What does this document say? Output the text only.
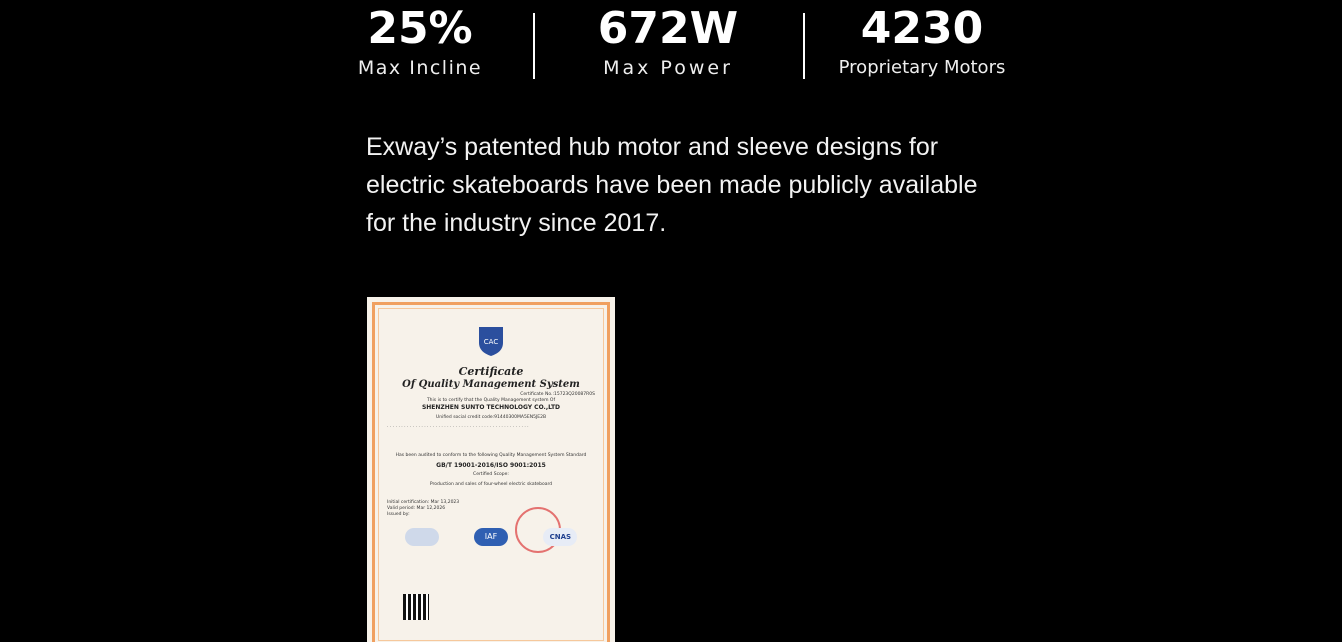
25%
Max Incline
672W
Max Power
4230
Proprietary Motors

Exway’s patented hub motor and sleeve designs for electric skateboards have been made publicly available for the industry since 2017.

CAC
Certificate
Of Quality Management System
Certificate No.:15723Q20087R0S
This is to certify that the Quality Management system Of
SHENZHEN SUNTO TECHNOLOGY CO.,LTD
Unified social credit code:91440300MA5EN5JE2B
· · · · · · · · · · · · · · · · · · · · · · · · · · · · · · · · · · · · · · · · · · · · · · · · · ·
Has been audited to conform to the following Quality Management System Standard
GB/T 19001-2016/ISO 9001:2015
Certified Scope:
Production and sales of four-wheel electric skateboard
Initial certification: Mar 13,2023
Valid period: Mar 12,2026
Issued by:
IAF	CNAS
